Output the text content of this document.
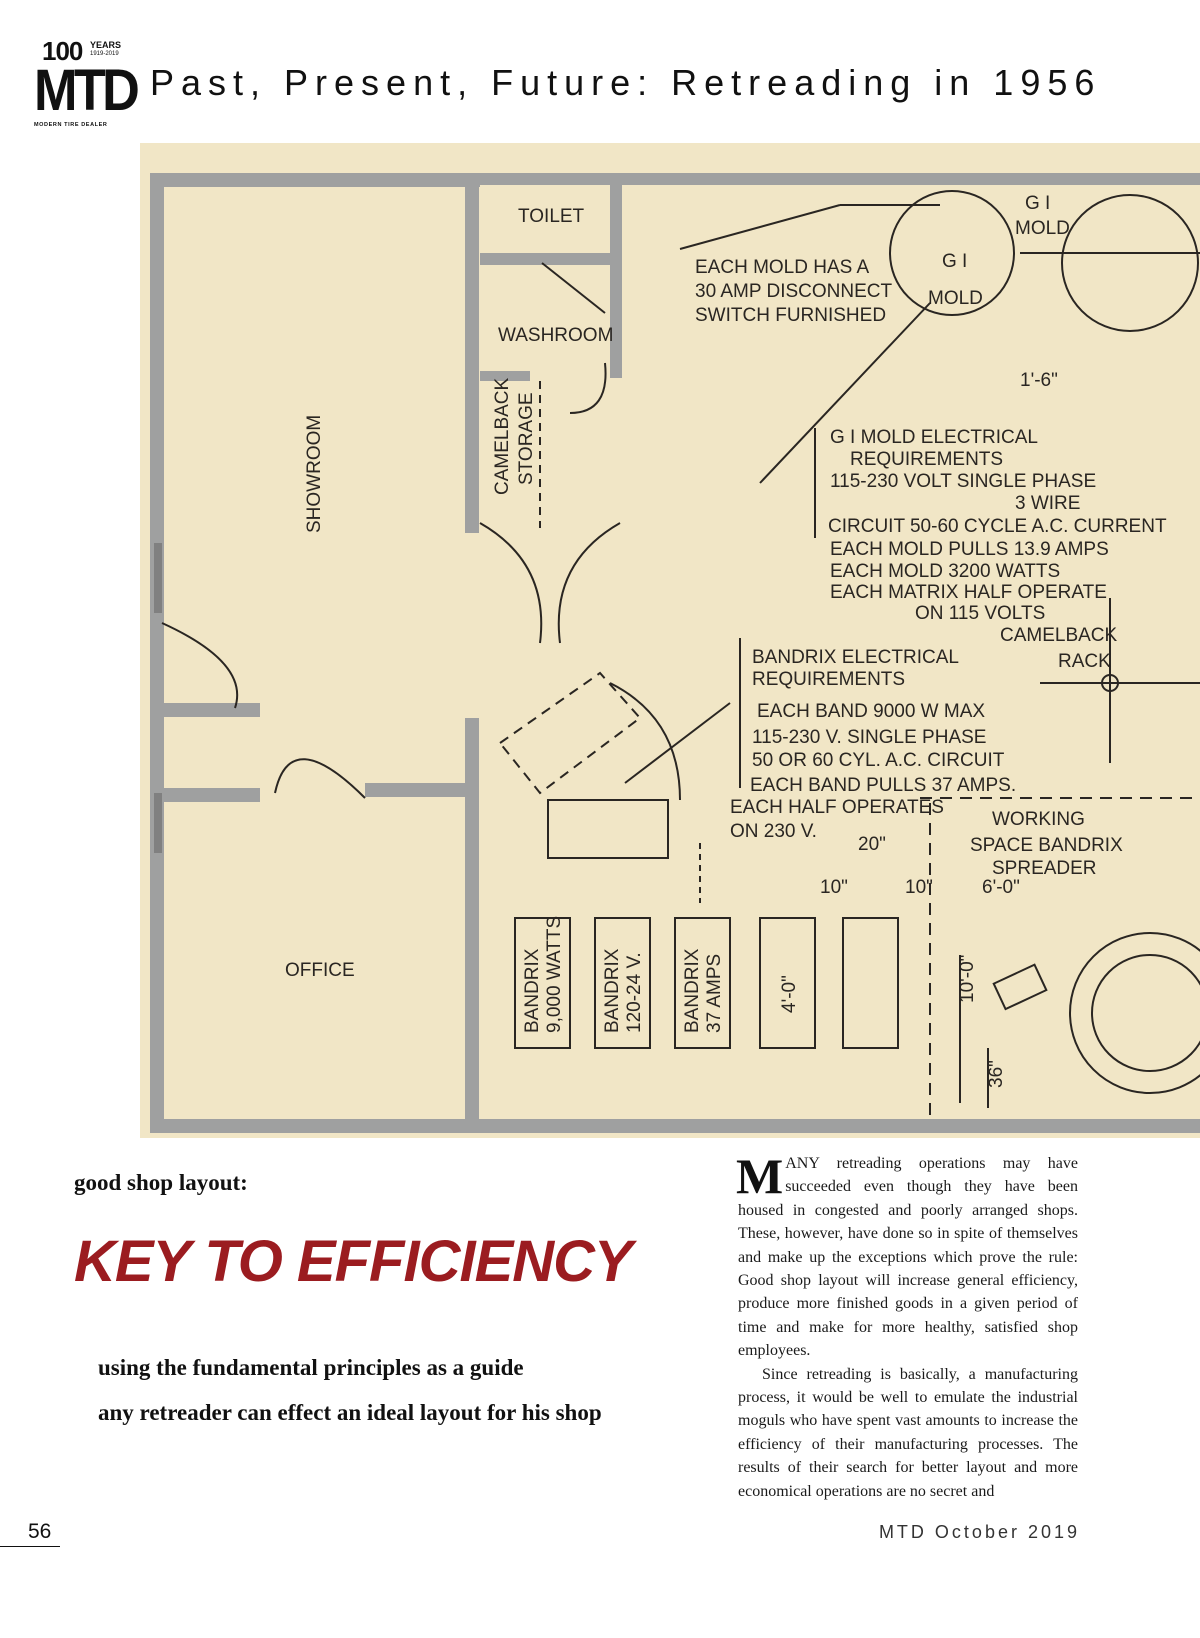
100 YEARS
1919-2019
MTD
MODERN TIRE DEALER
Past, Present, Future: Retreading in 1956
TOILET
WASHROOM
CAMELBACK STORAGE
SHOWROOM
OFFICE
EACH MOLD HAS A
30 AMP DISCONNECT
SWITCH FURNISHED
G I
MOLD
G I
MOLD
1'-6"
G I MOLD ELECTRICAL
REQUIREMENTS
115-230 VOLT SINGLE PHASE
3 WIRE
CIRCUIT 50-60 CYCLE A.C. CURRENT
EACH MOLD PULLS 13.9 AMPS
EACH MOLD 3200 WATTS
EACH MATRIX HALF OPERATE
ON 115 VOLTS
CAMELBACK
RACK
BANDRIX ELECTRICAL
REQUIREMENTS
EACH BAND 9000 W MAX
115-230 V. SINGLE PHASE
50 OR 60 CYL. A.C. CIRCUIT
EACH BAND PULLS 37 AMPS.
EACH HALF OPERATES
ON 230 V.
20"
10"	10"	6'-0"
WORKING
SPACE BANDRIX
SPREADER
10'-0"
36"
4'-0"
BANDRIX 9,000 WATTS BANDRIX 120-24 V. BANDRIX 37 AMPS
good shop layout:
KEY TO EFFICIENCY
using the fundamental principles as a guide
any retreader can effect an ideal layout for his shop

MANY retreading operations may have succeeded even though they have been housed in congested and poorly arranged shops. These, however, have done so in spite of themselves and make up the exceptions which prove the rule: Good shop layout will increase general efficiency, produce more finished goods in a given period of time and make for more healthy, satisfied shop employees.

Since retreading is basically, a manufacturing process, it would be well to emulate the industrial moguls who have spent vast amounts to increase the efficiency of their manufacturing processes. The results of their search for better layout and more economical operations are no secret and

56	MTD October 2019
